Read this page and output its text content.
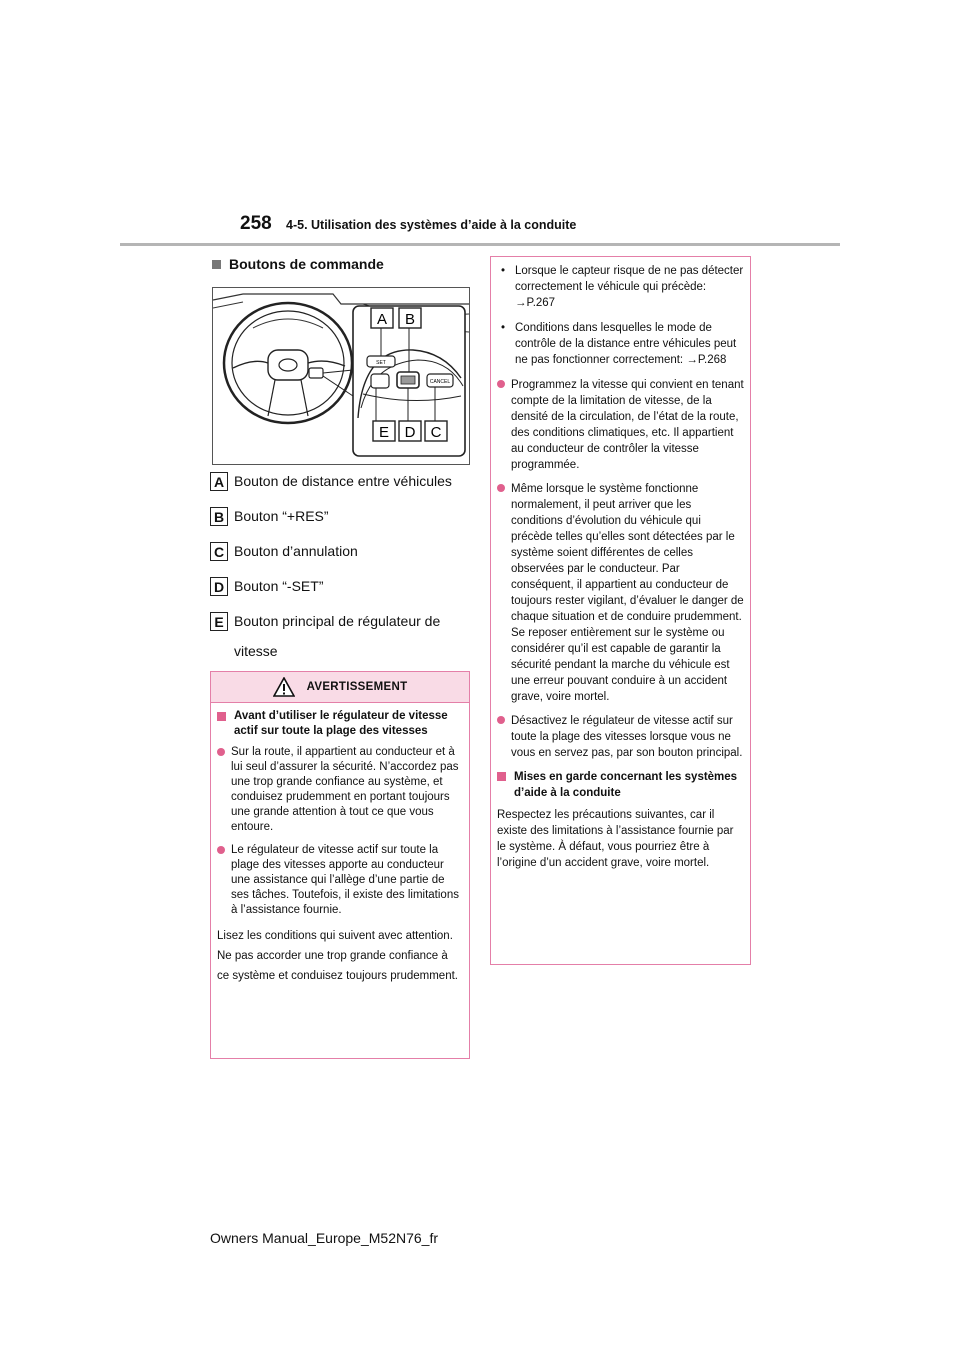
258 4-5. Utilisation des systèmes d’aide à la conduite
Boutons de commande
SET
CANCEL
A B
E D C
A Bouton de distance entre véhicules
B Bouton “+RES”
C Bouton d’annulation
D Bouton “-SET”
E Bouton principal de régulateur de vitesse
AVERTISSEMENT
Avant d’utiliser le régulateur de vitesse actif sur toute la plage des vitesses
Sur la route, il appartient au conducteur et à lui seul d’assurer la sécurité. N’accordez pas une trop grande confiance au système, et conduisez prudemment en portant toujours une grande attention à tout ce que vous entoure.
Le régulateur de vitesse actif sur toute la plage des vitesses apporte au conducteur une assistance qui l’allège d’une partie de ses tâches. Toutefois, il existe des limitations à l’assistance fournie.
Lisez les conditions qui suivent avec attention. Ne pas accorder une trop grande confiance à ce système et conduisez toujours prudemment.
• Lorsque le capteur risque de ne pas détecter correctement le véhicule qui précède: →P.267
• Conditions dans lesquelles le mode de contrôle de la distance entre véhicules peut ne pas fonctionner correctement: →P.268
Programmez la vitesse qui convient en tenant compte de la limitation de vitesse, de la densité de la circulation, de l’état de la route, des conditions climatiques, etc. Il appartient au conducteur de contrôler la vitesse programmée.
Même lorsque le système fonctionne normalement, il peut arriver que les conditions d’évolution du véhicule qui précède telles qu’elles sont détectées par le système soient différentes de celles observées par le conducteur. Par conséquent, il appartient au conducteur de toujours rester vigilant, d’évaluer le danger de chaque situation et de conduire prudemment. Se reposer entièrement sur le système ou considérer qu’il est capable de garantir la sécurité pendant la marche du véhicule est une erreur pouvant conduire à un accident grave, voire mortel.
Désactivez le régulateur de vitesse actif sur toute la plage des vitesses lorsque vous ne vous en servez pas, par son bouton principal.
Mises en garde concernant les systèmes d’aide à la conduite
Respectez les précautions suivantes, car il existe des limitations à l’assistance fournie par le système. À défaut, vous pourriez être à l’origine d’un accident grave, voire mortel.
Owners Manual_Europe_M52N76_fr
